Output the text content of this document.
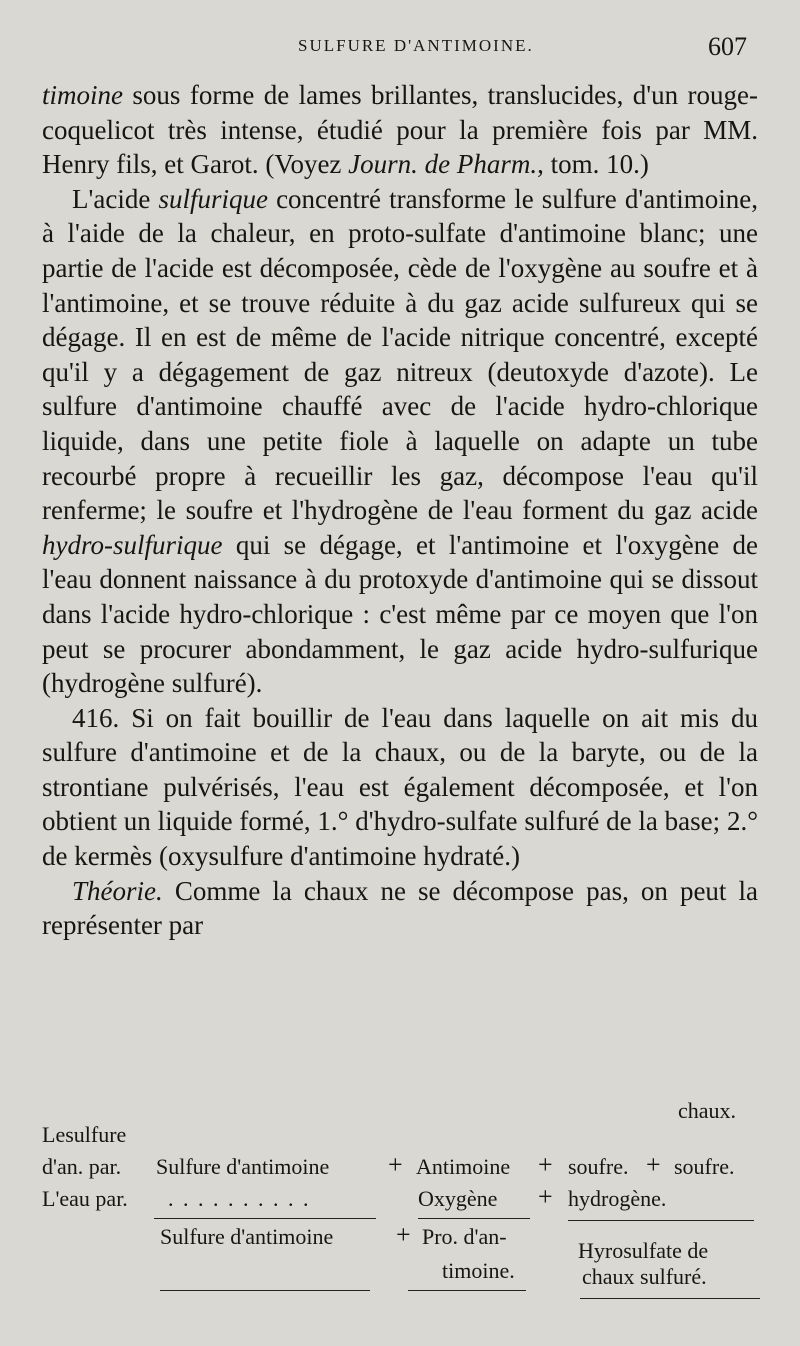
SULFURE D'ANTIMOINE.	607

timoine sous forme de lames brillantes, translucides, d'un rouge-coquelicot très intense, étudié pour la première fois par MM. Henry fils, et Garot. (Voyez Journ. de Pharm., tom. 10.)

L'acide sulfurique concentré transforme le sulfure d'antimoine, à l'aide de la chaleur, en proto-sulfate d'antimoine blanc; une partie de l'acide est décomposée, cède de l'oxygène au soufre et à l'antimoine, et se trouve réduite à du gaz acide sulfureux qui se dégage. Il en est de même de l'acide nitrique concentré, excepté qu'il y a dégagement de gaz nitreux (deutoxyde d'azote). Le sulfure d'antimoine chauffé avec de l'acide hydro-chlorique liquide, dans une petite fiole à laquelle on adapte un tube recourbé propre à recueillir les gaz, décompose l'eau qu'il renferme; le soufre et l'hydrogène de l'eau forment du gaz acide hydro-sulfurique qui se dégage, et l'antimoine et l'oxygène de l'eau donnent naissance à du protoxyde d'antimoine qui se dissout dans l'acide hydro-chlorique : c'est même par ce moyen que l'on peut se procurer abondamment, le gaz acide hydro-sulfurique (hydrogène sulfuré).

416. Si on fait bouillir de l'eau dans laquelle on ait mis du sulfure d'antimoine et de la chaux, ou de la baryte, ou de la strontiane pulvérisés, l'eau est également décomposée, et l'on obtient un liquide formé, 1.° d'hydro-sulfate sulfuré de la base; 2.° de kermès (oxysulfure d'antimoine hydraté.)

Théorie. Comme la chaux ne se décompose pas, on peut la représenter par

chaux.
Lesulfure
d'an. par. Sulfure d'antimoine + Antimoine + soufre. + soufre.
L'eau par. . . . . . . . . . .	Oxygène + hydrogène.
Sulfure d'antimoine + Pro. d'an-
timoine.
Hyrosulfate de
chaux sulfuré.
